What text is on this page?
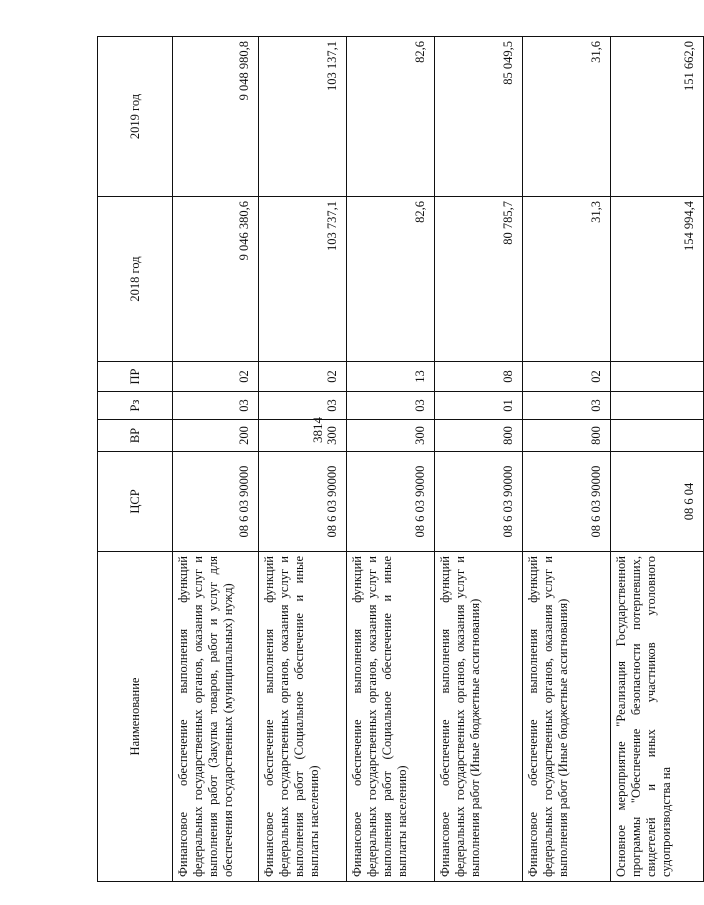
3814
Наименование	ЦСР	ВР	Рз	ПР	2018 год	2019 год
Финансовое обеспечение выполнения функций федеральных государственных органов, оказания услуг и выполнения работ (Закупка товаров, работ и услуг для обеспечения государственных (муниципальных) нужд)	08 6 03 90000	200	03	02	9 046 380,6	9 048 980,8
Финансовое обеспечение выполнения функций федеральных государственных органов, оказания услуг и выполнения работ (Социальное обеспечение и иные выплаты населению)	08 6 03 90000	300	03	02	103 737,1	103 137,1
Финансовое обеспечение выполнения функций федеральных государственных органов, оказания услуг и выполнения работ (Социальное обеспечение и иные выплаты населению)	08 6 03 90000	300	03	13	82,6	82,6
Финансовое обеспечение выполнения функций федеральных государственных органов, оказания услуг и выполнения работ (Иные бюджетные ассигнования)	08 6 03 90000	800	01	08	80 785,7	85 049,5
Финансовое обеспечение выполнения функций федеральных государственных органов, оказания услуг и выполнения работ (Иные бюджетные ассигнования)	08 6 03 90000	800	03	02	31,3	31,6
Основное мероприятие "Реализация Государственной программы "Обеспечение безопасности потерпевших, свидетелей и иных участников уголовного судопроизводства на	08 6 04				154 994,4	151 662,0
